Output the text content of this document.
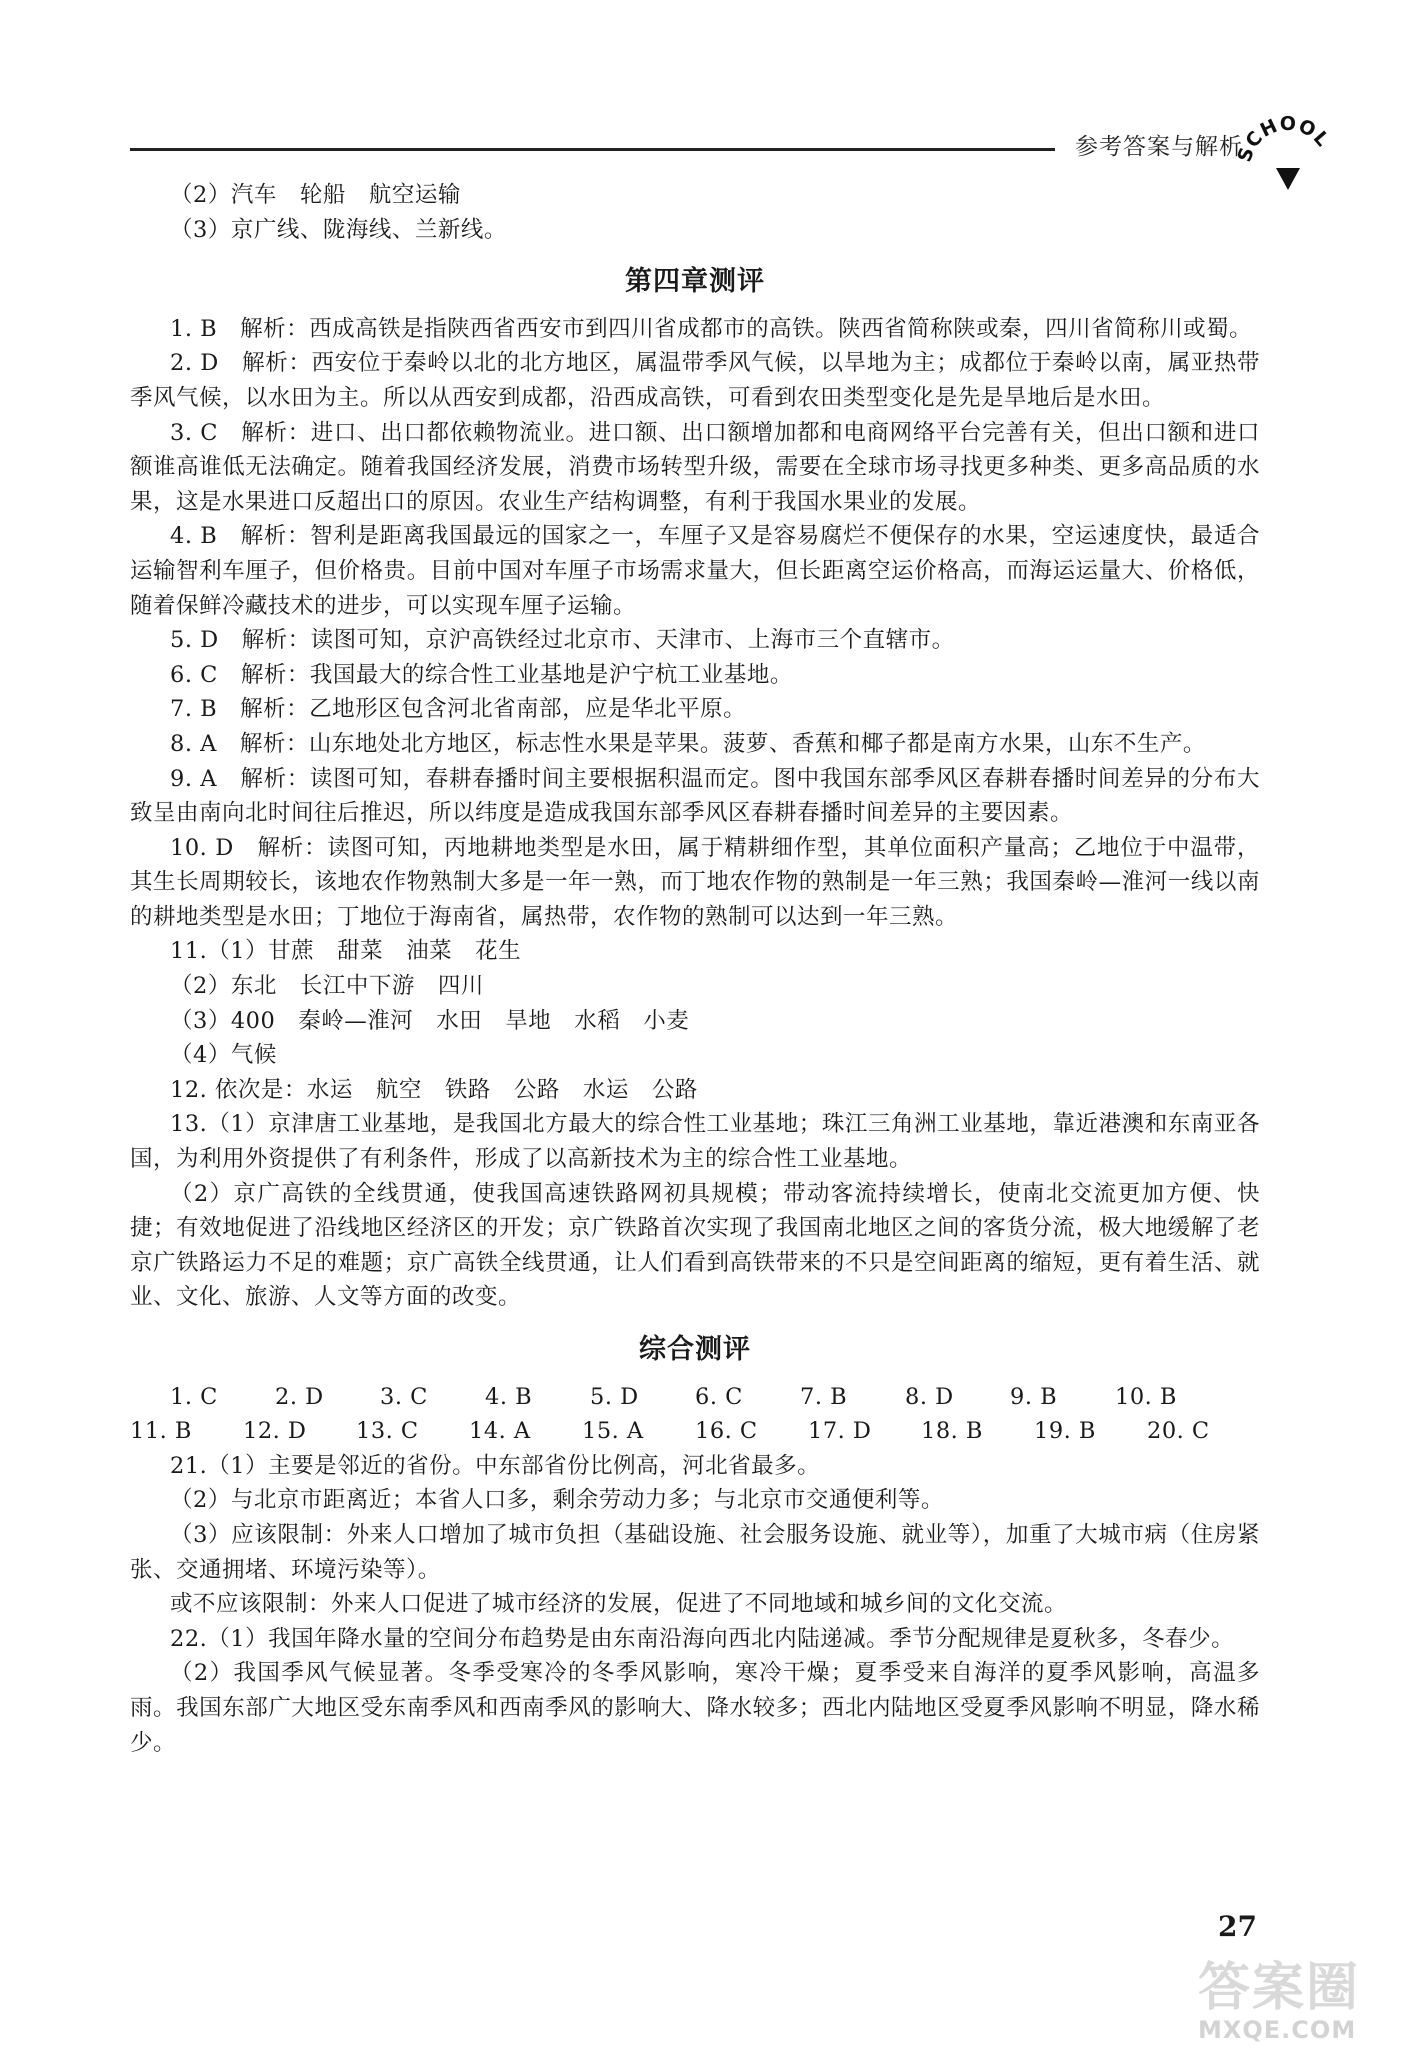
参考答案与解析
SCHOOL

（2）汽车　轮船　航空运输

（3）京广线、陇海线、兰新线。

第四章测评

1. B　解析：西成高铁是指陕西省西安市到四川省成都市的高铁。陕西省简称陕或秦，四川省简称川或蜀。

2. D　解析：西安位于秦岭以北的北方地区，属温带季风气候，以旱地为主；成都位于秦岭以南，属亚热带季风气候，以水田为主。所以从西安到成都，沿西成高铁，可看到农田类型变化是先是旱地后是水田。

3. C　解析：进口、出口都依赖物流业。进口额、出口额增加都和电商网络平台完善有关，但出口额和进口额谁高谁低无法确定。随着我国经济发展，消费市场转型升级，需要在全球市场寻找更多种类、更多高品质的水果，这是水果进口反超出口的原因。农业生产结构调整，有利于我国水果业的发展。

4. B　解析：智利是距离我国最远的国家之一，车厘子又是容易腐烂不便保存的水果，空运速度快，最适合运输智利车厘子，但价格贵。目前中国对车厘子市场需求量大，但长距离空运价格高，而海运运量大、价格低，随着保鲜冷藏技术的进步，可以实现车厘子运输。

5. D　解析：读图可知，京沪高铁经过北京市、天津市、上海市三个直辖市。

6. C　解析：我国最大的综合性工业基地是沪宁杭工业基地。

7. B　解析：乙地形区包含河北省南部，应是华北平原。

8. A　解析：山东地处北方地区，标志性水果是苹果。菠萝、香蕉和椰子都是南方水果，山东不生产。

9. A　解析：读图可知，春耕春播时间主要根据积温而定。图中我国东部季风区春耕春播时间差异的分布大致呈由南向北时间往后推迟，所以纬度是造成我国东部季风区春耕春播时间差异的主要因素。

10. D　解析：读图可知，丙地耕地类型是水田，属于精耕细作型，其单位面积产量高；乙地位于中温带，其生长周期较长，该地农作物熟制大多是一年一熟，而丁地农作物的熟制是一年三熟；我国秦岭—淮河一线以南的耕地类型是水田；丁地位于海南省，属热带，农作物的熟制可以达到一年三熟。

11.（1）甘蔗　甜菜　油菜　花生

（2）东北　长江中下游　四川

（3）400　秦岭—淮河　水田　旱地　水稻　小麦

（4）气候

12. 依次是：水运　航空　铁路　公路　水运　公路

13.（1）京津唐工业基地，是我国北方最大的综合性工业基地；珠江三角洲工业基地，靠近港澳和东南亚各国，为利用外资提供了有利条件，形成了以高新技术为主的综合性工业基地。

（2）京广高铁的全线贯通，使我国高速铁路网初具规模；带动客流持续增长，使南北交流更加方便、快捷；有效地促进了沿线地区经济区的开发；京广铁路首次实现了我国南北地区之间的客货分流，极大地缓解了老京广铁路运力不足的难题；京广高铁全线贯通，让人们看到高铁带来的不只是空间距离的缩短，更有着生活、就业、文化、旅游、人文等方面的改变。

综合测评
1. C	2. D	3. C	4. B	5. D	6. C	7. B	8. D	9. B	10. B
11. B	12. D	13. C	14. A	15. A	16. C	17. D	18. B	19. B	20. C

21.（1）主要是邻近的省份。中东部省份比例高，河北省最多。

（2）与北京市距离近；本省人口多，剩余劳动力多；与北京市交通便利等。

（3）应该限制：外来人口增加了城市负担（基础设施、社会服务设施、就业等），加重了大城市病（住房紧张、交通拥堵、环境污染等）。

或不应该限制：外来人口促进了城市经济的发展，促进了不同地域和城乡间的文化交流。

22.（1）我国年降水量的空间分布趋势是由东南沿海向西北内陆递减。季节分配规律是夏秋多，冬春少。

（2）我国季风气候显著。冬季受寒冷的冬季风影响，寒冷干燥；夏季受来自海洋的夏季风影响，高温多雨。我国东部广大地区受东南季风和西南季风的影响大、降水较多；西北内陆地区受夏季风影响不明显，降水稀少。

27
答案圈
MXQE.COM
